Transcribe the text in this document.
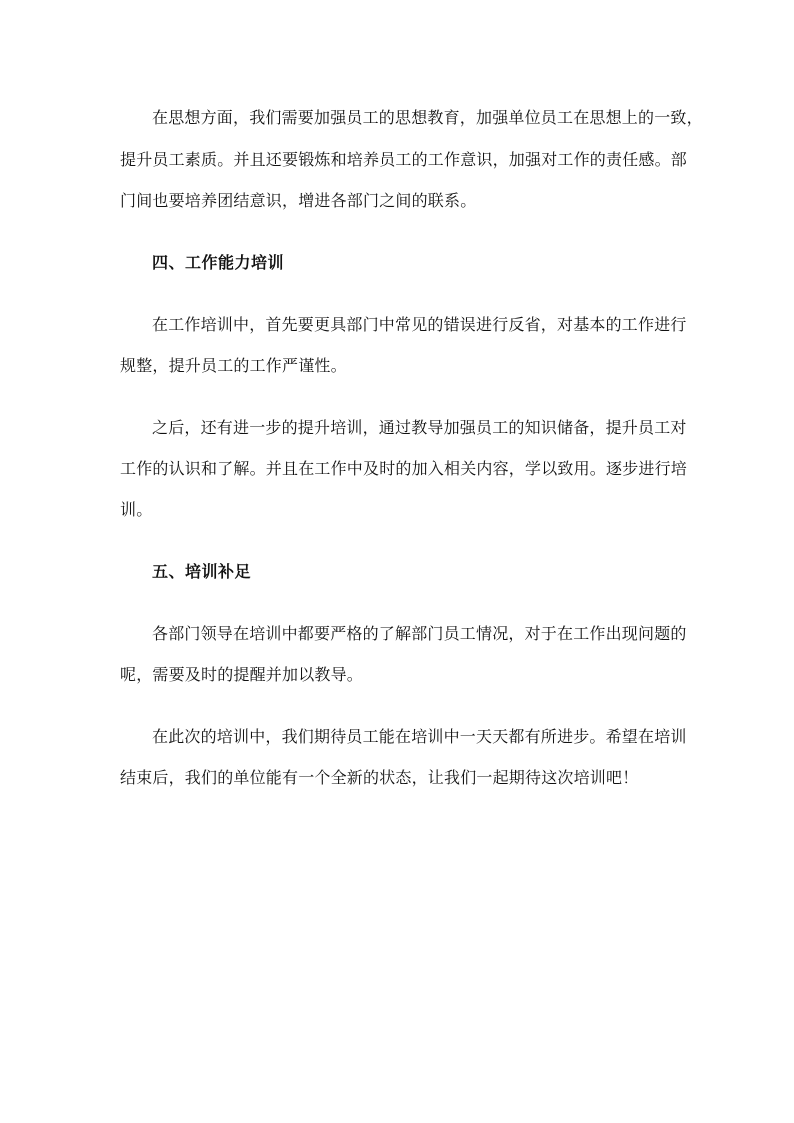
在思想方面，我们需要加强员工的思想教育，加强单位员工在思想上的一致，
提升员工素质。并且还要锻炼和培养员工的工作意识，加强对工作的责任感。部
门间也要培养团结意识，增进各部门之间的联系。
四、工作能力培训
在工作培训中，首先要更具部门中常见的错误进行反省，对基本的工作进行
规整，提升员工的工作严谨性。
之后，还有进一步的提升培训，通过教导加强员工的知识储备，提升员工对
工作的认识和了解。并且在工作中及时的加入相关内容，学以致用。逐步进行培
训。
五、培训补足
各部门领导在培训中都要严格的了解部门员工情况，对于在工作出现问题的
呢，需要及时的提醒并加以教导。
在此次的培训中，我们期待员工能在培训中一天天都有所进步。希望在培训
结束后，我们的单位能有一个全新的状态，让我们一起期待这次培训吧！
